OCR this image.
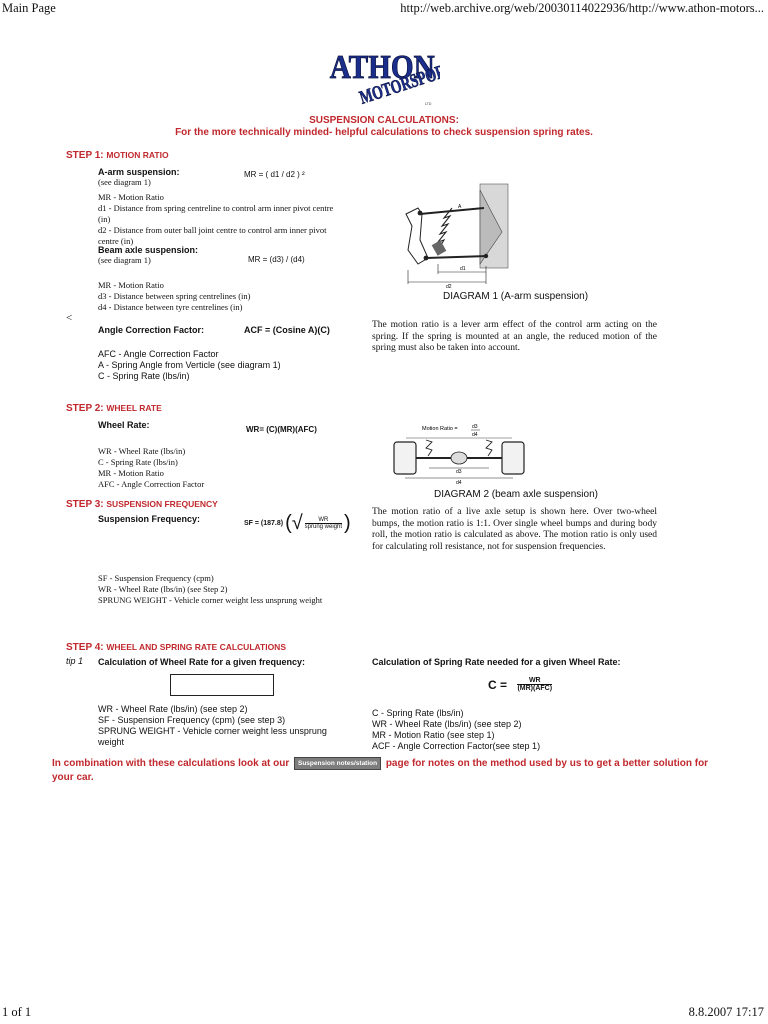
Main Page	http://web.archive.org/web/20030114022936/http://www.athon-motors...
ATHON
MOTORSPORT
LTD
SUSPENSION CALCULATIONS:
For the more technically minded- helpful calculations to check suspension spring rates.
STEP 1: MOTION RATIO
A-arm suspension:
(see diagram 1)
MR = ( d1 / d2 ) ²
MR - Motion Ratio
d1 - Distance from spring centreline to control arm inner pivot centre (in)
d2 - Distance from outer ball joint centre to control arm inner pivot centre (in)
Beam axle suspension:
(see diagram 1)	MR = (d3) / (d4)
MR - Motion Ratio
d3 - Distance between spring centrelines (in)
d4 - Distance between tyre centrelines (in)
<
Angle Correction Factor:	ACF = (Cosine A)(C)
AFC - Angle Correction Factor
A - Spring Angle from Verticle (see diagram 1)
C - Spring Rate (lbs/in)
d1
d2
A
DIAGRAM 1 (A-arm suspension)
The motion ratio is a lever arm effect of the control arm acting on the spring. If the spring is mounted at an angle, the reduced motion of the spring must also be taken into account.
STEP 2: WHEEL RATE
Wheel Rate:	WR= (C)(MR)(AFC)
WR - Wheel Rate (lbs/in)
C - Spring Rate (lbs/in)
MR - Motion Ratio
AFC - Angle Correction Factor
Motion Ratio =	d3
d4
d3
d4
DIAGRAM 2 (beam axle suspension)
The motion ratio of a live axle setup is shown here. Over two-wheel bumps, the motion ratio is 1:1. Over single wheel bumps and during body roll, the motion ratio is calculated as above. The motion ratio is only used for calculating roll resistance, not for suspension frequencies.
STEP 3: SUSPENSION FREQUENCY
Suspension Frequency:	SF = (187.8) (√	WR
sprung weight )
SF - Suspension Frequency (cpm)
WR - Wheel Rate (lbs/in) (see Step 2)
SPRUNG WEIGHT - Vehicle corner weight less unsprung weight
STEP 4: WHEEL AND SPRING RATE CALCULATIONS
tip 1 Calculation of Wheel Rate for a given frequency:
WR - Wheel Rate (lbs/in) (see step 2)
SF - Suspension Frequency (cpm) (see step 3)
SPRUNG WEIGHT - Vehicle corner weight less unsprung weight
Calculation of Spring Rate needed for a given Wheel Rate:
C =	WR
(MR)(AFC)
C - Spring Rate (lbs/in)
WR - Wheel Rate (lbs/in) (see step 2)
MR - Motion Ratio (see step 1)
ACF - Angle Correction Factor(see step 1)
In combination with these calculations look at our Suspension notes/station page for notes on the method used by us to get a better solution for your car.
1 of 1	8.8.2007 17:17
